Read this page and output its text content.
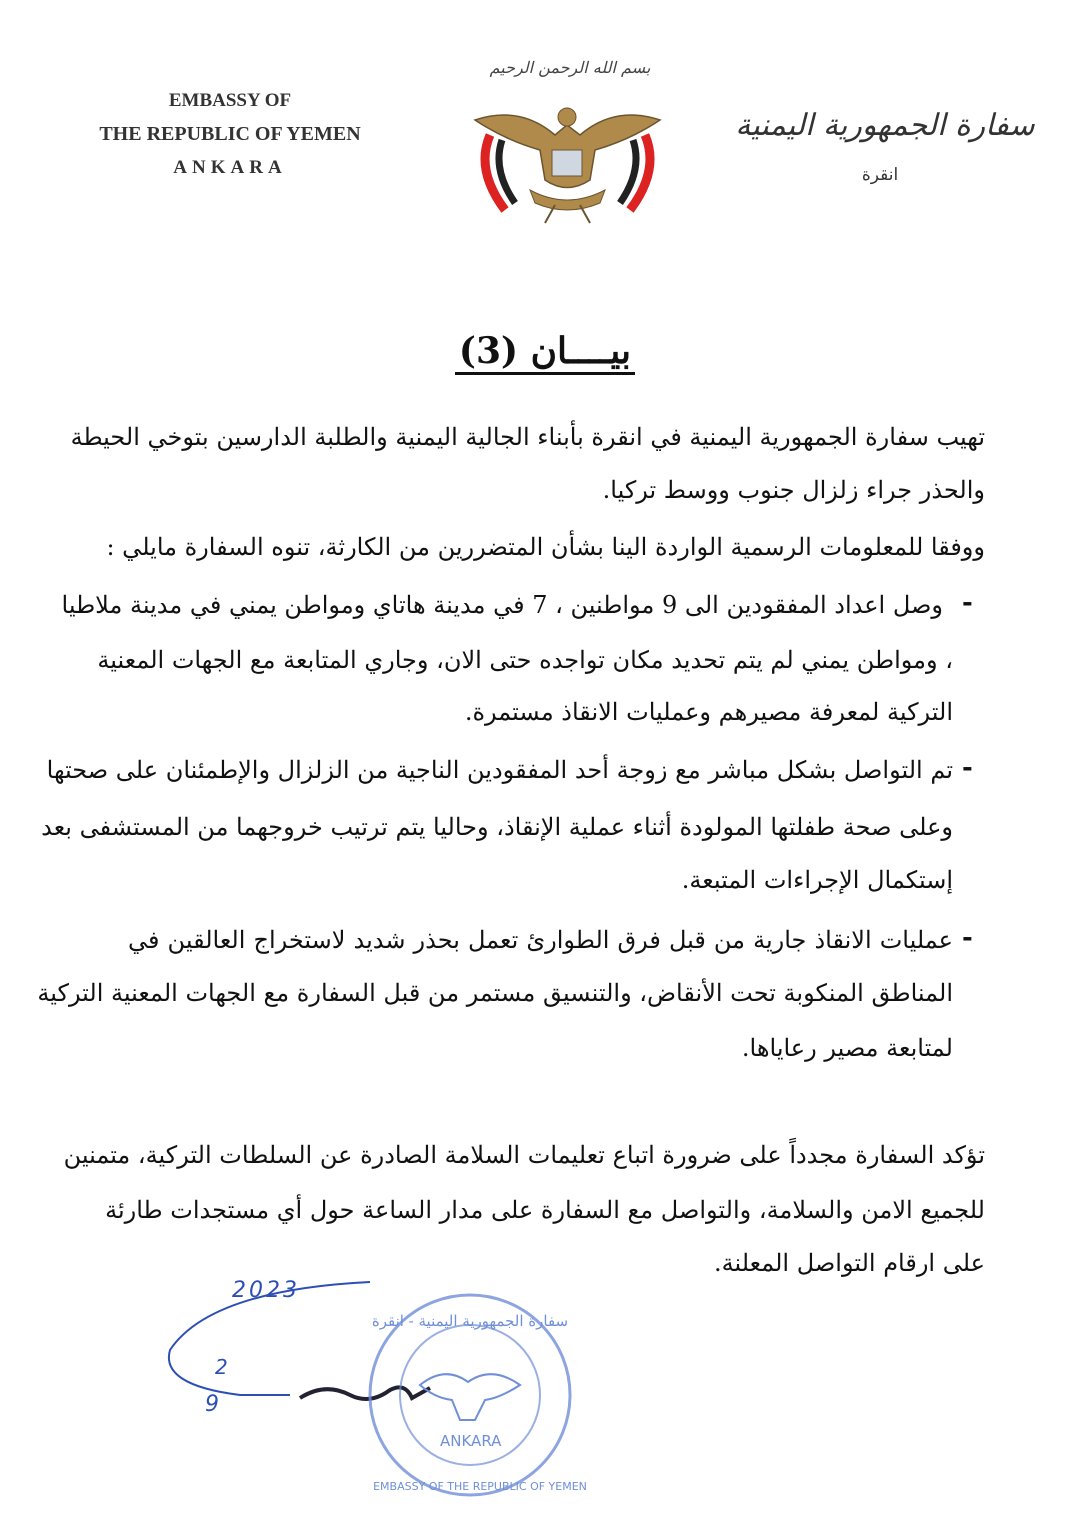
EMBASSY OF
THE REPUBLIC OF YEMEN
ANKARA
بسم الله الرحمن الرحيم
سفارة الجمهورية اليمنية
انقرة
بيــــان (3)
تهيب سفارة الجمهورية اليمنية في انقرة بأبناء الجالية اليمنية والطلبة الدارسين بتوخي الحيطة
والحذر جراء زلزال جنوب ووسط تركيا.
ووفقا للمعلومات الرسمية الواردة الينا بشأن المتضررين من الكارثة، تنوه السفارة مايلي :
-
وصل اعداد المفقودين الى 9 مواطنين ، 7 في مدينة هاتاي ومواطن يمني في مدينة ملاطيا
، ومواطن يمني لم يتم تحديد مكان تواجده حتى الان، وجاري المتابعة مع الجهات المعنية
التركية لمعرفة مصيرهم وعمليات الانقاذ مستمرة.
-
تم التواصل بشكل مباشر مع زوجة أحد المفقودين الناجية من الزلزال والإطمئنان على صحتها
وعلى صحة طفلتها المولودة أثناء عملية الإنقاذ، وحاليا يتم ترتيب خروجهما من المستشفى بعد
إستكمال الإجراءات المتبعة.
-
عمليات الانقاذ جارية من قبل فرق الطوارئ تعمل بحذر شديد لاستخراج العالقين في
المناطق المنكوبة تحت الأنقاض، والتنسيق مستمر من قبل السفارة مع الجهات المعنية التركية
لمتابعة مصير رعاياها.
تؤكد السفارة مجدداً على ضرورة اتباع تعليمات السلامة الصادرة عن السلطات التركية، متمنين
للجميع الامن والسلامة، والتواصل مع السفارة على مدار الساعة حول أي مستجدات طارئة
على ارقام التواصل المعلنة.
2023
2
9
سفارة الجمهورية اليمنية - انقرة
ANKARA
EMBASSY OF THE REPUBLIC OF YEMEN
